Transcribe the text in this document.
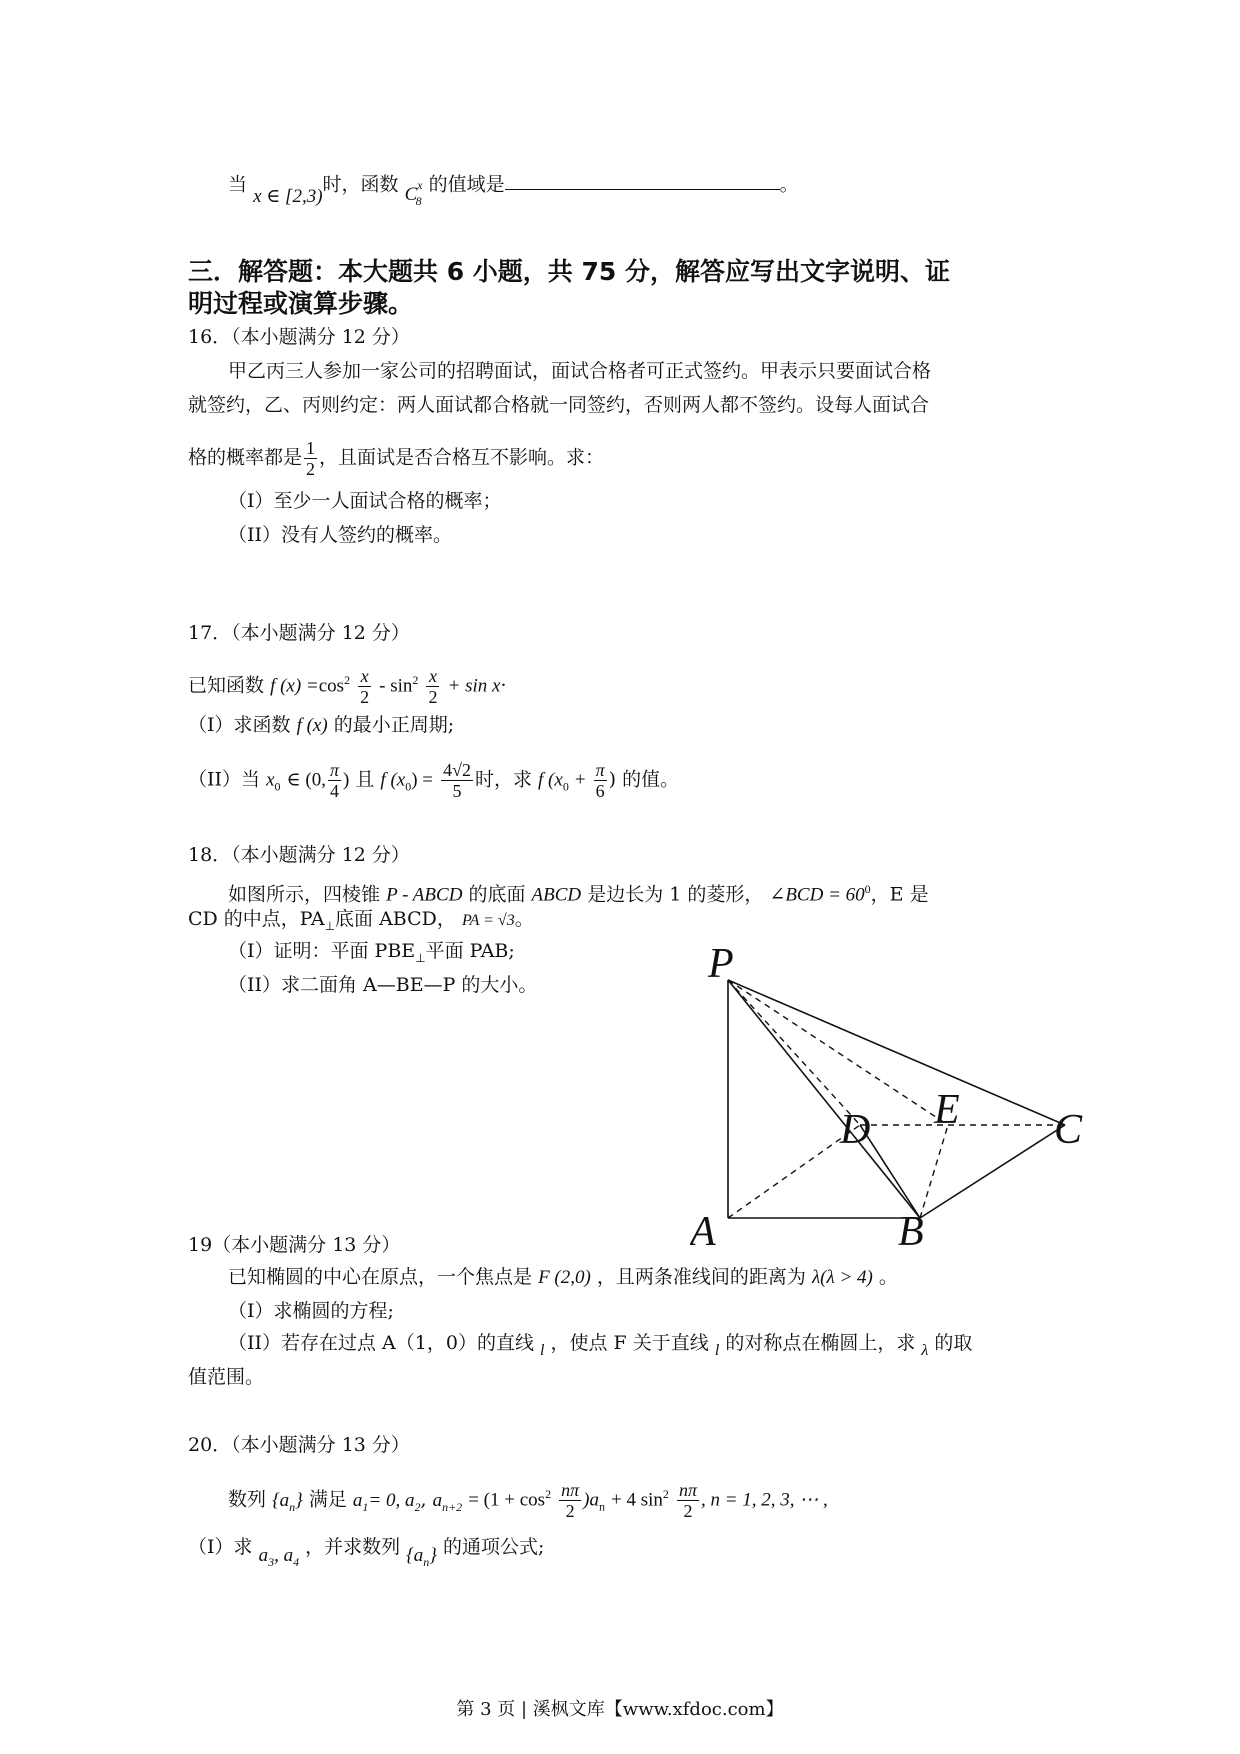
当 x ∈ [2,3)时，函数 $C^x_8$的值域是	。
三．解答题：本大题共 6 小题，共 75 分，解答应写出文字说明、证
明过程或演算步骤。
16．（本小题满分 12 分）
甲乙丙三人参加一家公司的招聘面试，面试合格者可正式签约。甲表示只要面试合格
就签约，乙、丙则约定：两人面试都合格就一同签约，否则两人都不签约。设每人面试合
格的概率都是 $\frac{1}{2}$ ，且面试是否合格互不影响。求：
（I）至少一人面试合格的概率；
（II）没有人签约的概率。
17．（本小题满分 12 分）
已知函数 f $(x) =\cos^2 \frac{x}{2} - \sin^2 \frac{x}{2} + \sin x\cdot$
（I）求函数 f (x) 的最小正周期;
（II）当 $x_0$ ∈ (0, $\frac{\pi}{4}$ ) 且 f $(x_0) = \frac{4√2}{5}$ 时，求 f ($x_0 + \frac{\pi}{6}$ ) 的值。
18．（本小题满分 12 分）
如图所示，四棱锥 P - ABCD 的底面 ABCD 是边长为 1 的菱形， ∠BCD = $60^0$，E 是
CD 的中点，$PA_\perp$底面 ABCD， PA = √3。
（I）证明：平面 $PBE_\perp$平面 PAB;
（II）求二面角 A—BE—P 的大小。	P
A	B
C
D E
19（本小题满分 13 分）
已知椭圆的中心在原点，一个焦点是 F (2,0) ，且两条准线间的距离为 λ(λ > 4) 。
（I）求椭圆的方程;
（II）若存在过点 A（1，0）的直线 $_l$ ，使点 F 关于直线 $_l$ 的对称点在椭圆上，求 $_\lambda$ 的取
值范围。
20．（本小题满分 13 分）
数列 $\{a_n\}$ 满足 $a_1= 0$, $a_2$, $a_{n+2} = (1 + \cos^2 \frac{n\pi}{2} )a_n + 4$ $\sin^2 \frac{n\pi}{2}$ , n = 1, 2, 3, ⋯ ,
（I）求 $a_3$, $a_4$ ，并求数列 $\{a_n\}$ 的通项公式;
第 3 页 | 溪枫文库【www.xfdoc.com】
